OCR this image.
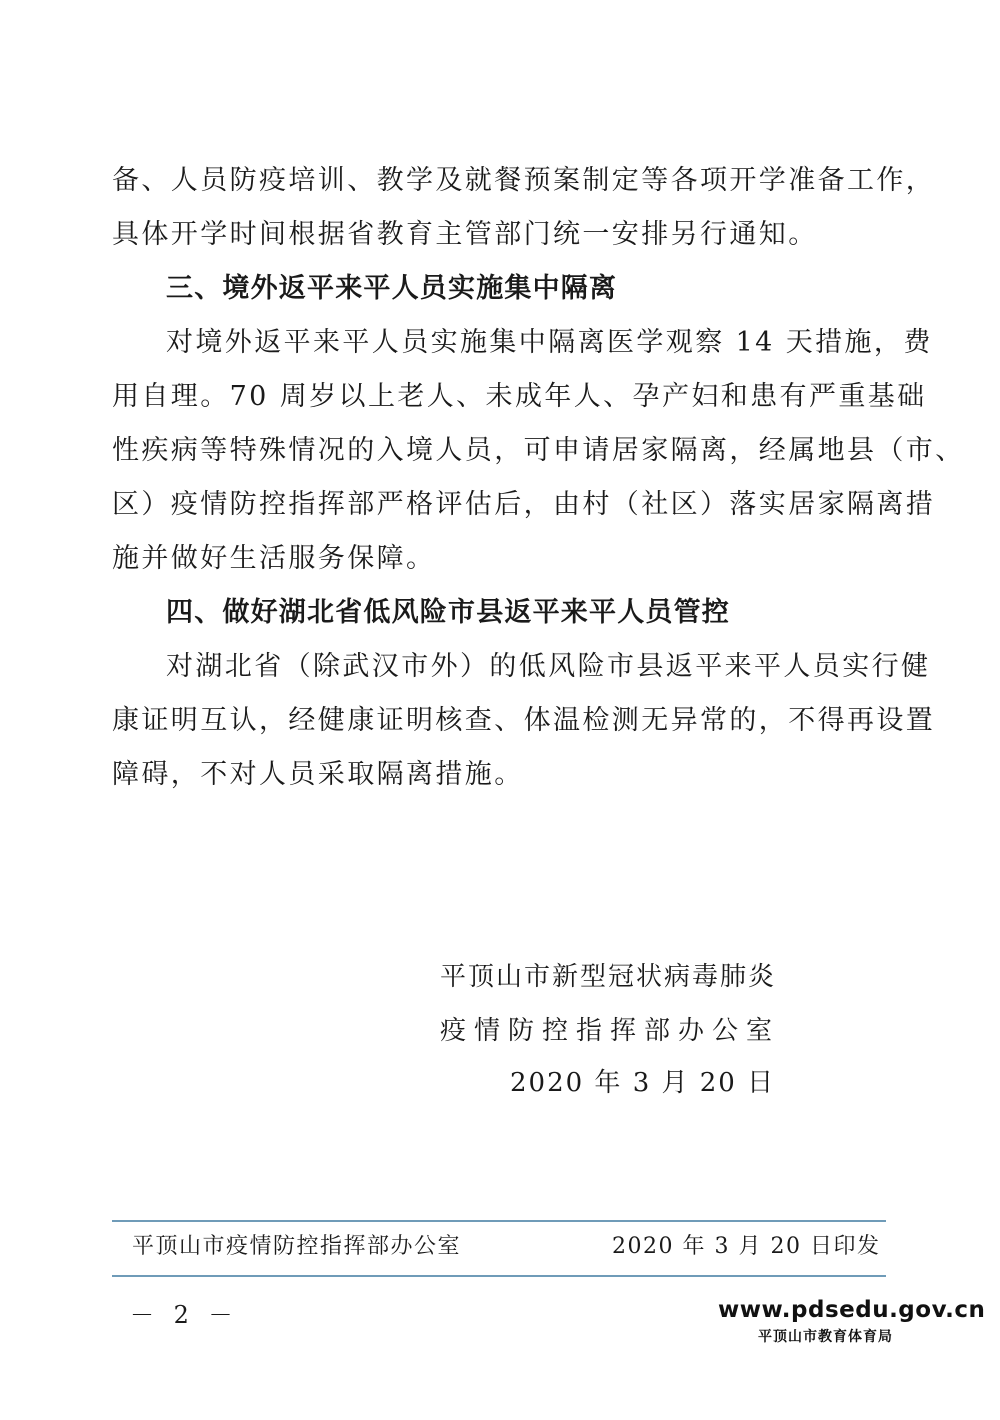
备、人员防疫培训、教学及就餐预案制定等各项开学准备工作，
具体开学时间根据省教育主管部门统一安排另行通知。
三、境外返平来平人员实施集中隔离
对境外返平来平人员实施集中隔离医学观察 14 天措施，费
用自理。70 周岁以上老人、未成年人、孕产妇和患有严重基础
性疾病等特殊情况的入境人员，可申请居家隔离，经属地县（市、
区）疫情防控指挥部严格评估后，由村（社区）落实居家隔离措
施并做好生活服务保障。
四、做好湖北省低风险市县返平来平人员管控
对湖北省（除武汉市外）的低风险市县返平来平人员实行健
康证明互认，经健康证明核查、体温检测无异常的，不得再设置
障碍，不对人员采取隔离措施。
平顶山市新型冠状病毒肺炎
疫情防控指挥部办公室
2020 年 3 月 20 日
平顶山市疫情防控指挥部办公室	2020 年 3 月 20 日印发
－ 2 －	www.pdsedu.gov.cn
平顶山市教育体育局
